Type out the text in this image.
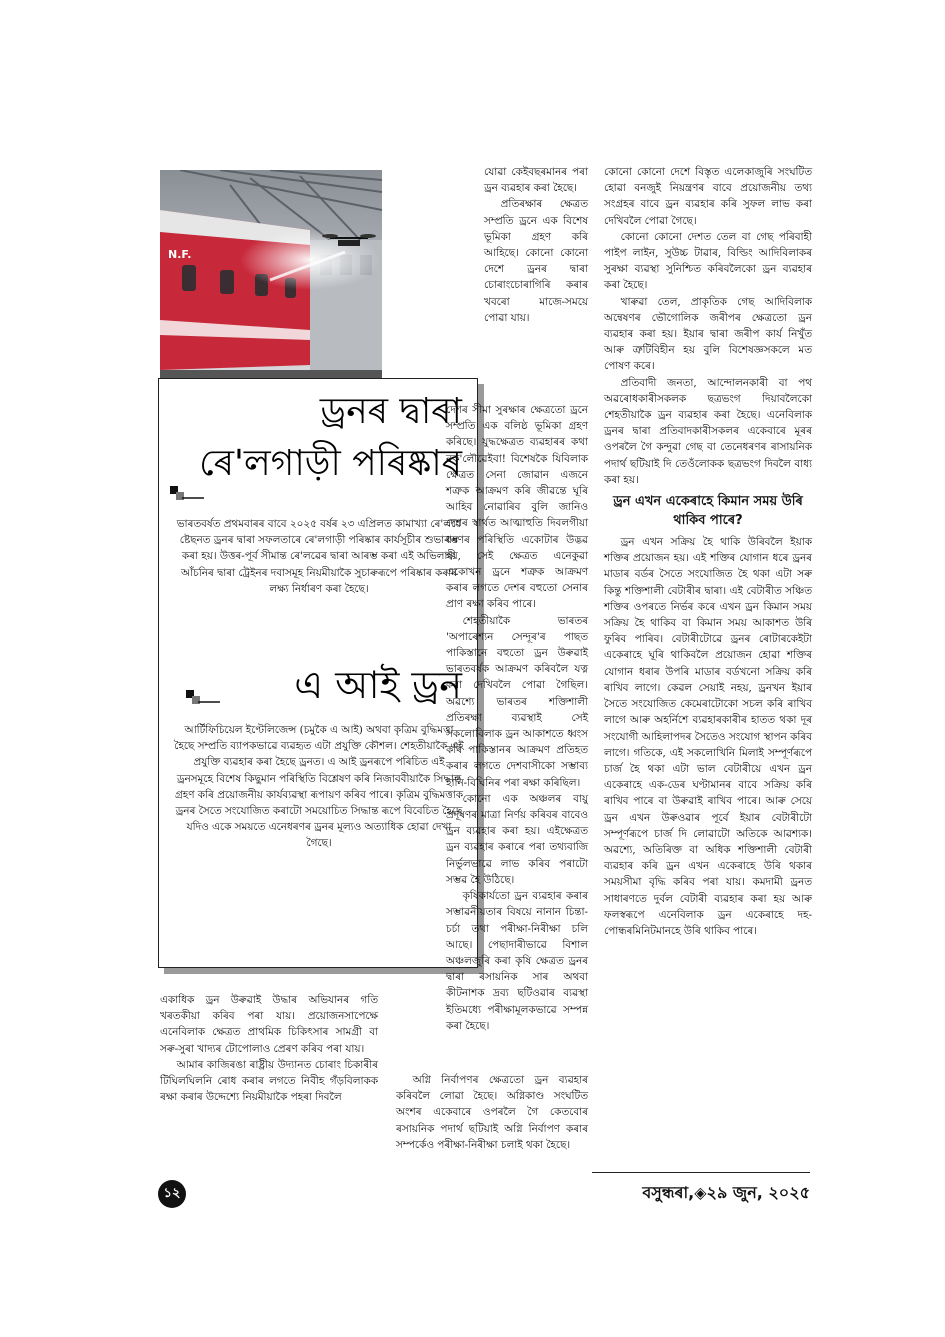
N.F.
ড্ৰনৰ দ্বাৰা
ৰে'লগাড়ী পৰিষ্কাৰ
ভাৰতবৰ্ষত প্ৰথমবাৰৰ বাবে ২০২৫ বৰ্ষৰ ২৩ এপ্ৰিলত কামাখ্যা ৰে'লৱে ষ্টেছনত ড্ৰনৰ দ্বাৰা সফলতাৰে ৰে'লগাড়ী পৰিষ্কাৰ কাৰ্যসূচীৰ শুভাৰম্ভ কৰা হয়। উত্তৰ-পূৰ্ব সীমান্ত ৰে'লৱেৰ দ্বাৰা আৰম্ভ কৰা এই অভিলাষী আঁচনিৰ দ্বাৰা ট্ৰেইনৰ দবাসমূহ নিয়মীয়াকৈ সুচাৰুৰূপে পৰিষ্কাৰ কৰাৰ লক্ষ্য নিৰ্ধাৰণ কৰা হৈছে।
এ আই ড্ৰন
আৰ্টিফিচিয়েল ইণ্টেলিজেন্স (চমুকৈ এ আই) অথবা কৃত্ৰিম বুদ্ধিমত্তা হৈছে সম্প্ৰতি ব্যাপকভাৱে ব্যৱহৃত এটা প্ৰযুক্তি কৌশল। শেহতীয়াকৈ এই প্ৰযুক্তি ব্যৱহাৰ কৰা হৈছে ড্ৰনত। এ আই ড্ৰনৰূপে পৰিচিত এই ড্ৰনসমূহে বিশেষ কিছুমান পৰিস্থিতি বিশ্লেষণ কৰি নিজাববীয়াকৈ সিদ্ধান্ত গ্ৰহণ কৰি প্ৰয়োজনীয় কাৰ্যব্যৱস্থা ৰূপায়ণ কৰিব পাৰে। কৃত্ৰিম বুদ্ধিমত্তাক ড্ৰনৰ সৈতে সংযোজিত কৰাটো সময়োচিত সিদ্ধান্ত ৰূপে বিবেচিত হৈছে যদিও একে সময়তে এনেধৰণৰ ড্ৰনৰ মূল্যও অত্যাধিক হোৱা দেখা গৈছে।

একাধিক ড্ৰন উৰুৱাই উদ্ধাৰ অভিযানৰ গতি খৰতকীয়া কৰিব পৰা যায়। প্ৰয়োজনসাপেক্ষে এনেবিলাক ক্ষেত্ৰত প্ৰাথমিক চিকিৎসাৰ সামগ্ৰী বা সৰু-সুৰা খাদ্যৰ টোপোলাও প্ৰেৰণ কৰিব পৰা যায়।

আমাৰ কাজিৰঙা ৰাষ্ট্ৰীয় উদ্যানত চোৰাং চিকাৰীৰ টিঘিলঘিলনি ৰোধ কৰাৰ লগতে নিবীহ গঁড়বিলাকক ৰক্ষা কৰাৰ উদ্দেশ্যে নিয়মীয়াকৈ পহৰা দিবলৈ

যোৱা কেইবছৰমানৰ পৰা ড্ৰন ব্যৱহাৰ কৰা হৈছে।

প্ৰতিৰক্ষাৰ ক্ষেত্ৰত সম্প্ৰতি ড্ৰনে এক বিশেষ ভূমিকা গ্ৰহণ কৰি আহিছে। কোনো কোনো দেশে ড্ৰনৰ দ্বাৰা চোৰাংচোৰাগিৰি কৰাৰ খবৰো মাজে-সময়ে পোৱা যায়।

দেশৰ সীমা সুৰক্ষাৰ ক্ষেত্ৰতো ড্ৰনে সম্প্ৰতি এক বলিষ্ঠ ভূমিকা গ্ৰহণ কৰিছে। যুদ্ধক্ষেত্ৰত ব্যৱহাৰৰ কথা নক'লৌৱেইবা! বিশেষকৈ যিবিলাক ক্ষেত্ৰত সেনা জোৱান এজনে শত্ৰুক আক্ৰমণ কৰি জীৱন্তে ঘূৰি আহিব নোৱাৰিব বুলি জানিও দেশৰ স্বাৰ্থত আত্মাহুতি দিবলগীয়া ধৰণৰ পৰিস্থিতি একোটাৰ উদ্ভৱ হয়, সেই ক্ষেত্ৰত এনেকুৱা একোখন ড্ৰনে শত্ৰুক আক্ৰমণ কৰাৰ লগতে দেশৰ বহুতো সেনাৰ প্ৰাণ ৰক্ষা কৰিব পাৰে।

শেহতীয়াকৈ ভাৰতৰ 'অপাৰেশ্যন সেন্দূৰ'ৰ পাছত পাকিস্তানে বহুতো ড্ৰন উৰুৱাই ভাৰতবৰ্ষক আক্ৰমণ কৰিবলৈ যত্ন কৰা দেখিবলৈ পোৱা গৈছিল। অৱশ্যে ভাৰতৰ শক্তিশালী প্ৰতিৰক্ষা ব্যৱস্থাই সেই সকলোবিলাক ড্ৰন আকাশতে ধ্বংস কৰি পাকিস্তানৰ আক্ৰমণ প্ৰতিহত কৰাৰ লগতে দেশবাসীকো সম্ভাব্য হানি-বিঘিনিৰ পৰা ৰক্ষা কৰিছিল।

কোনো এক অঞ্চলৰ বায়ু প্ৰদূষণৰ মাত্ৰা নিৰ্ণয় কৰিবৰ বাবেও ড্ৰন ব্যৱহাৰ কৰা হয়। এইক্ষেত্ৰত ড্ৰন ব্যৱহাৰ কৰাৰে পৰা তথ্যবাজি নিৰ্ভুলভাৱে লাভ কৰিব পৰাটো সম্ভৱ হৈ উঠিছে।

কৃষিকাৰ্যতো ড্ৰন ব্যৱহাৰ কৰাৰ সম্ভাৱনীয়তাৰ বিষয়ে নানান চিন্তা-চৰ্চা তথা পৰীক্ষা-নিৰীক্ষা চলি আছে। পেছাদাৰীভাৱে বিশাল অঞ্চলজুৰি কৰা কৃষি ক্ষেত্ৰত ড্ৰনৰ দ্বাৰা ৰসায়নিক সাৰ অথবা কীটনাশক দ্ৰব্য ছটিওৱাৰ ব্যৱস্থা ইতিমধ্যে পৰীক্ষামূলকভাৱে সম্পন্ন কৰা হৈছে।

অগ্নি নিৰ্বাপণৰ ক্ষেত্ৰতো ড্ৰন ব্যৱহাৰ কৰিবলৈ লোৱা হৈছে। অগ্নিকাণ্ড সংঘটিত অংশৰ একেবাৰে ওপৰলৈ গৈ কেতবোৰ ৰসায়নিক পদাৰ্থ ছটিয়াই অগ্নি নিৰ্বাপণ কৰাৰ সম্পৰ্কেও পৰীক্ষা-নিৰীক্ষা চলাই থকা হৈছে।

কোনো কোনো দেশে বিস্তৃত এলেকাজুৰি সংঘটিত হোৱা বনজুই নিয়ন্ত্ৰণৰ বাবে প্ৰয়োজনীয় তথ্য সংগ্ৰহৰ বাবে ড্ৰন ব্যৱহাৰ কৰি সুফল লাভ কৰা দেখিবলৈ পোৱা গৈছে।

কোনো কোনো দেশত তেল বা গেছ পৰিবাহী পাইপ লাইন, সুউচ্চ টাৱাৰ, বিল্ডিং আদিবিলাকৰ সুৰক্ষা ব্যৱস্থা সুনিশ্চিত কৰিবলৈকো ড্ৰন ব্যৱহাৰ কৰা হৈছে।

খাৰুৱা তেল, প্ৰাকৃতিক গেছ আদিবিলাক অন্বেষণৰ ভৌগোলিক জৰীপৰ ক্ষেত্ৰতো ড্ৰন ব্যৱহাৰ কৰা হয়। ইয়াৰ দ্বাৰা জৰীপ কাৰ্য নিখুঁত আৰু ত্ৰুটিবিহীন হয় বুলি বিশেষজ্ঞসকলে মত পোষণ কৰে।

প্ৰতিবাদী জনতা, আন্দোলনকাৰী বা পথ অৱৰোধকাৰীসকলক ছত্ৰভংগ দিয়াবলৈকো শেহতীয়াকৈ ড্ৰন ব্যৱহাৰ কৰা হৈছে। এনেবিলাক ড্ৰনৰ দ্বাৰা প্ৰতিবাদকাৰীসকলৰ একেবাৰে মূৰৰ ওপৰলৈ গৈ কন্দুৱা গেছ বা তেনেধৰণৰ ৰাসায়নিক পদাৰ্থ ছটিয়াই দি তেওঁলোকক ছত্ৰভংগ দিবলৈ বাধ্য কৰা হয়।

ড্ৰন এখন একেৰাহে কিমান সময় উৰি থাকিব পাৰে?

ড্ৰন এখন সক্ৰিয় হৈ থাকি উৰিবলৈ ইয়াক শক্তিৰ প্ৰয়োজন হয়। এই শক্তিৰ যোগান ধৰে ড্ৰনৰ মাডাৰ বৰ্ডৰ সৈতে সংযোজিত হৈ থকা এটা সৰু কিন্তু শক্তিশালী বেটাৰীৰ দ্বাৰা। এই বেটাৰীত সঞ্চিত শক্তিৰ ওপৰতে নিৰ্ভৰ কৰে এখন ড্ৰন কিমান সময় সক্ৰিয় হৈ থাকিব বা কিমান সময় আকাশত উৰি ফুৰিব পাৰিব। বেটাৰীটোৱে ড্ৰনৰ ৰোটাৰকেইটা একেৰাহে ঘূৰি থাকিবলৈ প্ৰয়োজন হোৱা শক্তিৰ যোগান ধৰাৰ উপৰি মাডাৰ বৰ্ডখনো সক্ৰিয় কৰি ৰাখিব লাগে। কেৱল সেয়াই নহয়, ড্ৰনখন ইয়াৰ সৈতে সংযোজিত কেমেৰাটোকো সচল কৰি ৰাখিব লাগে আৰু অহৰ্নিশে ব্যৱহাৰকাৰীৰ হাতত থকা দূৰ সংযোগী আহিলাপদৰ সৈতেও সংযোগ স্থাপন কৰিব লাগে। গতিকে, এই সকলোখিনি মিলাই সম্পূৰ্ণৰূপে চাৰ্জ হৈ থকা এটা ভাল বেটাৰীয়ে এখন ড্ৰন একেৰাহে এক-ডেৰ ঘণ্টামানৰ বাবে সক্ৰিয় কৰি ৰাখিব পাৰে বা উৰুৱাই ৰাখিব পাৰে। আৰু সেয়ে ড্ৰন এখন উৰুওৱাৰ পূৰ্বে ইয়াৰ বেটাৰীটো সম্পূৰ্ণৰূপে চাৰ্জ দি লোৱাটো অতিকে আৱশ্যক। অৱশ্যে, অতিৰিক্ত বা অধিক শক্তিশালী বেটাৰী ব্যৱহাৰ কৰি ড্ৰন এখন একেৰাহে উৰি থকাৰ সময়সীমা বৃদ্ধি কৰিব পৰা যায়। কমদামী ড্ৰনত সাধাৰণতে দুৰ্বল বেটাৰী ব্যৱহাৰ কৰা হয় আৰু ফলস্বৰূপে এনেবিলাক ড্ৰন একেৰাহে দহ-পোন্ধৰমিনিটমানহে উৰি থাকিব পাৰে।

১২	বসুন্ধৰা,◈২৯ জুন, ২০২৫
